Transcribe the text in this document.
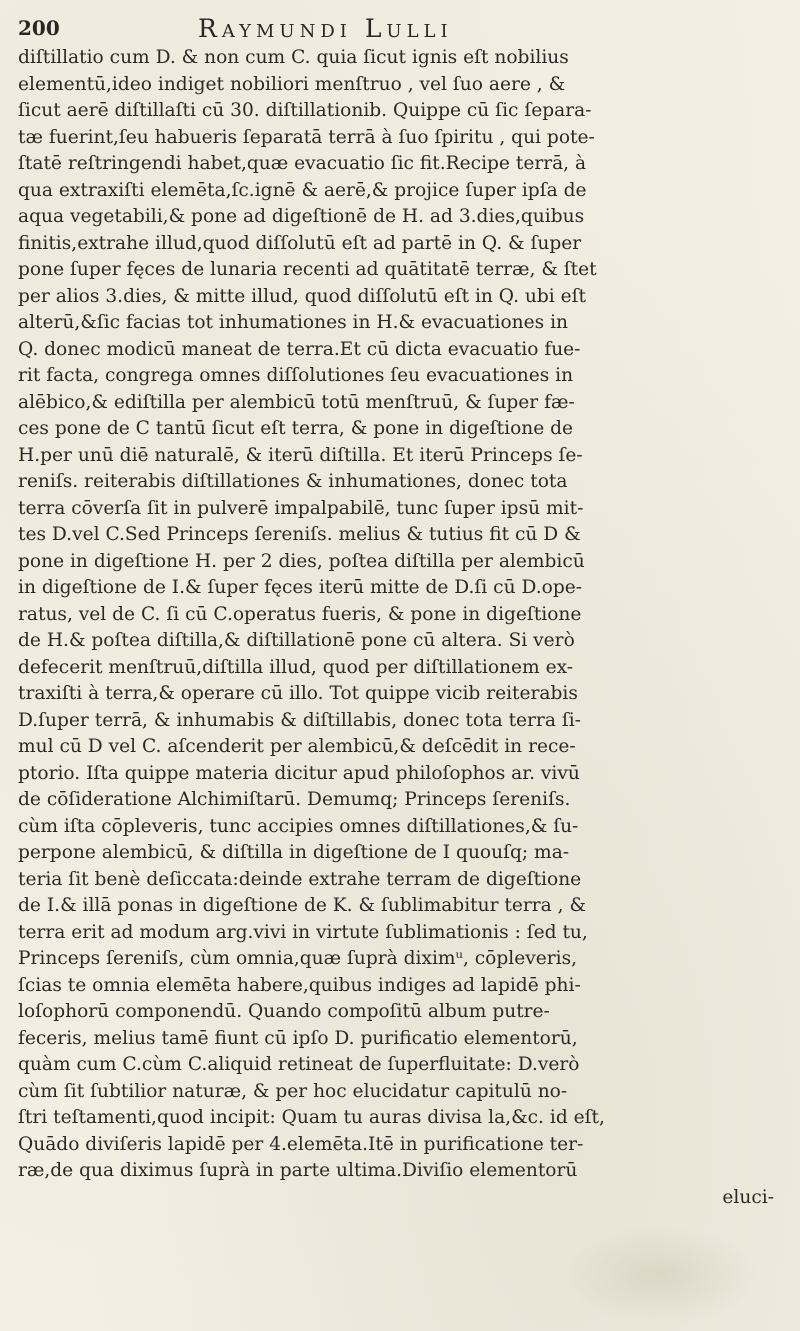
200	Raymundi Lulli
diſtillatio cum D. & non cum C. quia ſicut ignis eſt nobilius
elementū,ideo indiget nobiliori menſtruo , vel ſuo aere , &
ſicut aerē diſtillaſti cū 30. diſtillationib. Quippe cū ſic ſepara-
tæ fuerint,ſeu habueris ſeparatā terrā à ſuo ſpiritu , qui pote-
ſtatē reſtringendi habet,quæ evacuatio ſic fit.Recipe terrā, à
qua extraxiſti elemēta,ſc.ignē & aerē,& projice ſuper ipſa de
aqua vegetabili,& pone ad digeſtionē de H. ad 3.dies,quibus
finitis,extrahe illud,quod diſſolutū eſt ad partē in Q. & ſuper
pone ſuper fęces de lunaria recenti ad quātitatē terræ, & ſtet
per alios 3.dies, & mitte illud, quod diſſolutū eſt in Q. ubi eſt
alterū,&ſic facias tot inhumationes in H.& evacuationes in
Q. donec modicū maneat de terra.Et cū dicta evacuatio fue-
rit facta, congrega omnes diſſolutiones ſeu evacuationes in
alēbico,& ediſtilla per alembicū totū menſtruū, & ſuper fæ-
ces pone de C tantū ſicut eſt terra, & pone in digeſtione de
H.per unū diē naturalē, & iterū diſtilla. Et iterū Princeps ſe-
reniſs. reiterabis diſtillationes & inhumationes, donec tota
terra cōverſa ſit in pulverē impalpabilē, tunc ſuper ipsū mit-
tes D.vel C.Sed Princeps ſereniſs. melius & tutius fit cū D &
pone in digeſtione H. per 2 dies, poſtea diſtilla per alembicū
in digeſtione de I.& ſuper fęces iterū mitte de D.ſi cū D.ope-
ratus, vel de C. ſi cū C.operatus fueris, & pone in digeſtione
de H.& poſtea diſtilla,& diſtillationē pone cū altera. Si verò
defecerit menſtruū,diſtilla illud, quod per diſtillationem ex-
traxiſti à terra,& operare cū illo. Tot quippe vicib reiterabis
D.ſuper terrā, & inhumabis & diſtillabis, donec tota terra ſi-
mul cū D vel C. aſcenderit per alembicū,& deſcēdit in rece-
ptorio. Iſta quippe materia dicitur apud philoſophos ar. vivū
de cōſideratione Alchimiſtarū. Demumq; Princeps ſereniſs.
cùm iſta cōpleveris, tunc accipies omnes diſtillationes,& ſu-
perpone alembicū, & diſtilla in digeſtione de I quouſq; ma-
teria ſit benè deſiccata:deinde extrahe terram de digeſtione
de I.& illā ponas in digeſtione de K. & ſublimabitur terra , &
terra erit ad modum arg.vivi in virtute ſublimationis : ſed tu,
Princeps ſereniſs, cùm omnia,quæ ſuprà diximᵘ, cōpleveris,
ſcias te omnia elemēta habere,quibus indiges ad lapidē phi-
loſophorū componendū. Quando compoſitū album putre-
feceris, melius tamē fiunt cū ipſo D. purificatio elementorū,
quàm cum C.cùm C.aliquid retineat de ſuperfluitate: D.verò
cùm ſit ſubtilior naturæ, & per hoc elucidatur capitulū no-
ſtri teſtamenti,quod incipit: Quam tu auras divisa la,&c. id eſt,
Quādo diviſeris lapidē per 4.elemēta.Itē in purificatione ter-
ræ,de qua diximus ſuprà in parte ultima.Diviſio elementorū
eluci-
